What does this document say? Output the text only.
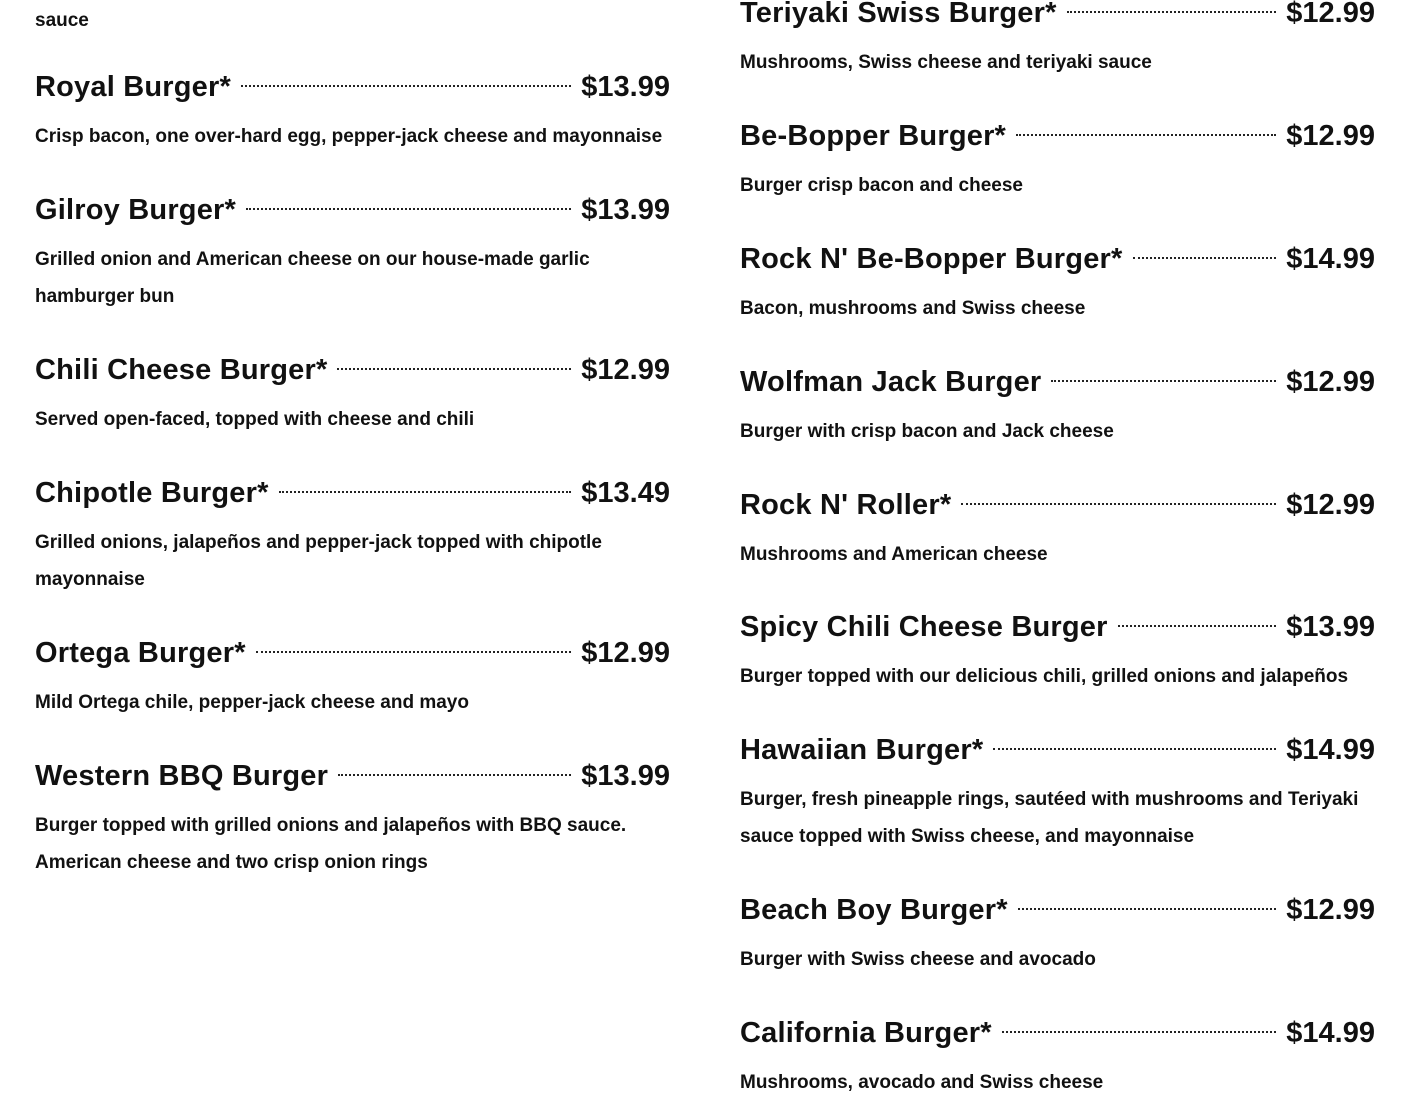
sauce

Royal Burger*	$13.99

Crisp bacon, one over-hard egg, pepper-jack cheese and mayonnaise

Gilroy Burger*	$13.99

Grilled onion and American cheese on our house-made garlic hamburger bun

Chili Cheese Burger*	$12.99

Served open-faced, topped with cheese and chili

Chipotle Burger*	$13.49

Grilled onions, jalapeños and pepper-jack topped with chipotle mayonnaise

Ortega Burger*	$12.99

Mild Ortega chile, pepper-jack cheese and mayo

Western BBQ Burger	$13.99

Burger topped with grilled onions and jalapeños with BBQ sauce. American cheese and two crisp onion rings

Teriyaki Swiss Burger*	$12.99

Mushrooms, Swiss cheese and teriyaki sauce

Be-Bopper Burger*	$12.99

Burger crisp bacon and cheese

Rock N' Be-Bopper Burger*	$14.99

Bacon, mushrooms and Swiss cheese

Wolfman Jack Burger	$12.99

Burger with crisp bacon and Jack cheese

Rock N' Roller*	$12.99

Mushrooms and American cheese

Spicy Chili Cheese Burger	$13.99

Burger topped with our delicious chili, grilled onions and jalapeños

Hawaiian Burger*	$14.99

Burger, fresh pineapple rings, sautéed with mushrooms and Teriyaki sauce topped with Swiss cheese, and mayonnaise

Beach Boy Burger*	$12.99

Burger with Swiss cheese and avocado

California Burger*	$14.99

Mushrooms, avocado and Swiss cheese
